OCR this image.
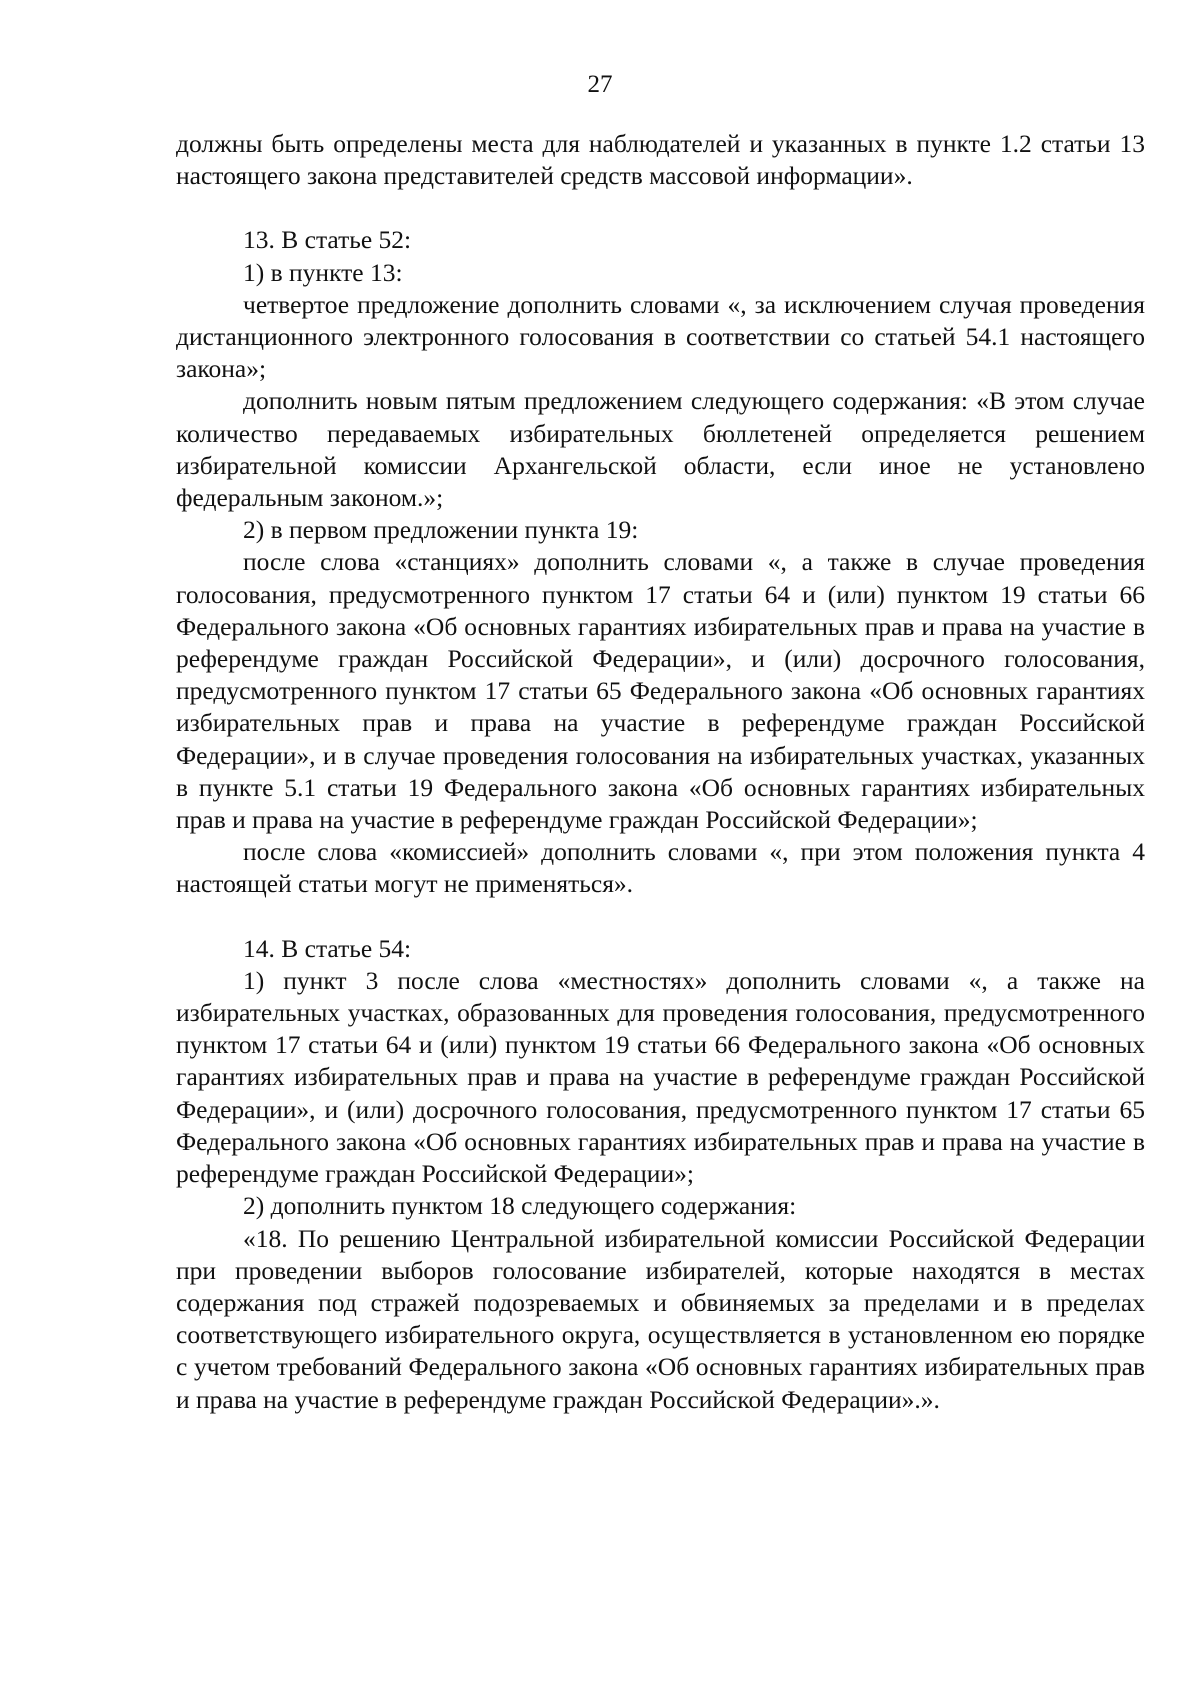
27

должны быть определены места для наблюдателей и указанных в пункте 1.2 статьи 13 настоящего закона представителей средств массовой информации».

13. В статье 52:

1) в пункте 13:

четвертое предложение дополнить словами «, за исключением случая проведения дистанционного электронного голосования в соответствии со статьей 54.1 настоящего закона»;

дополнить новым пятым предложением следующего содержания: «В этом случае количество передаваемых избирательных бюллетеней определяется решением избирательной комиссии Архангельской области, если иное не установлено федеральным законом.»;

2) в первом предложении пункта 19:

после слова «станциях» дополнить словами «, а также в случае проведения голосования, предусмотренного пунктом 17 статьи 64 и (или) пунктом 19 статьи 66 Федерального закона «Об основных гарантиях избирательных прав и права на участие в референдуме граждан Российской Федерации», и (или) досрочного голосования, предусмотренного пунктом 17 статьи 65 Федерального закона «Об основных гарантиях избирательных прав и права на участие в референдуме граждан Российской Федерации», и в случае проведения голосования на избирательных участках, указанных в пункте 5.1 статьи 19 Федерального закона «Об основных гарантиях избирательных прав и права на участие в референдуме граждан Российской Федерации»;

после слова «комиссией» дополнить словами «, при этом положения пункта 4 настоящей статьи могут не применяться».

14. В статье 54:

1) пункт 3 после слова «местностях» дополнить словами «, а также на избирательных участках, образованных для проведения голосования, предусмотренного пунктом 17 статьи 64 и (или) пунктом 19 статьи 66 Федерального закона «Об основных гарантиях избирательных прав и права на участие в референдуме граждан Российской Федерации», и (или) досрочного голосования, предусмотренного пунктом 17 статьи 65 Федерального закона «Об основных гарантиях избирательных прав и права на участие в референдуме граждан Российской Федерации»;

2) дополнить пунктом 18 следующего содержания:

«18. По решению Центральной избирательной комиссии Российской Федерации при проведении выборов голосование избирателей, которые находятся в местах содержания под стражей подозреваемых и обвиняемых за пределами и в пределах соответствующего избирательного округа, осуществляется в установленном ею порядке с учетом требований Федерального закона «Об основных гарантиях избирательных прав и права на участие в референдуме граждан Российской Федерации».».
